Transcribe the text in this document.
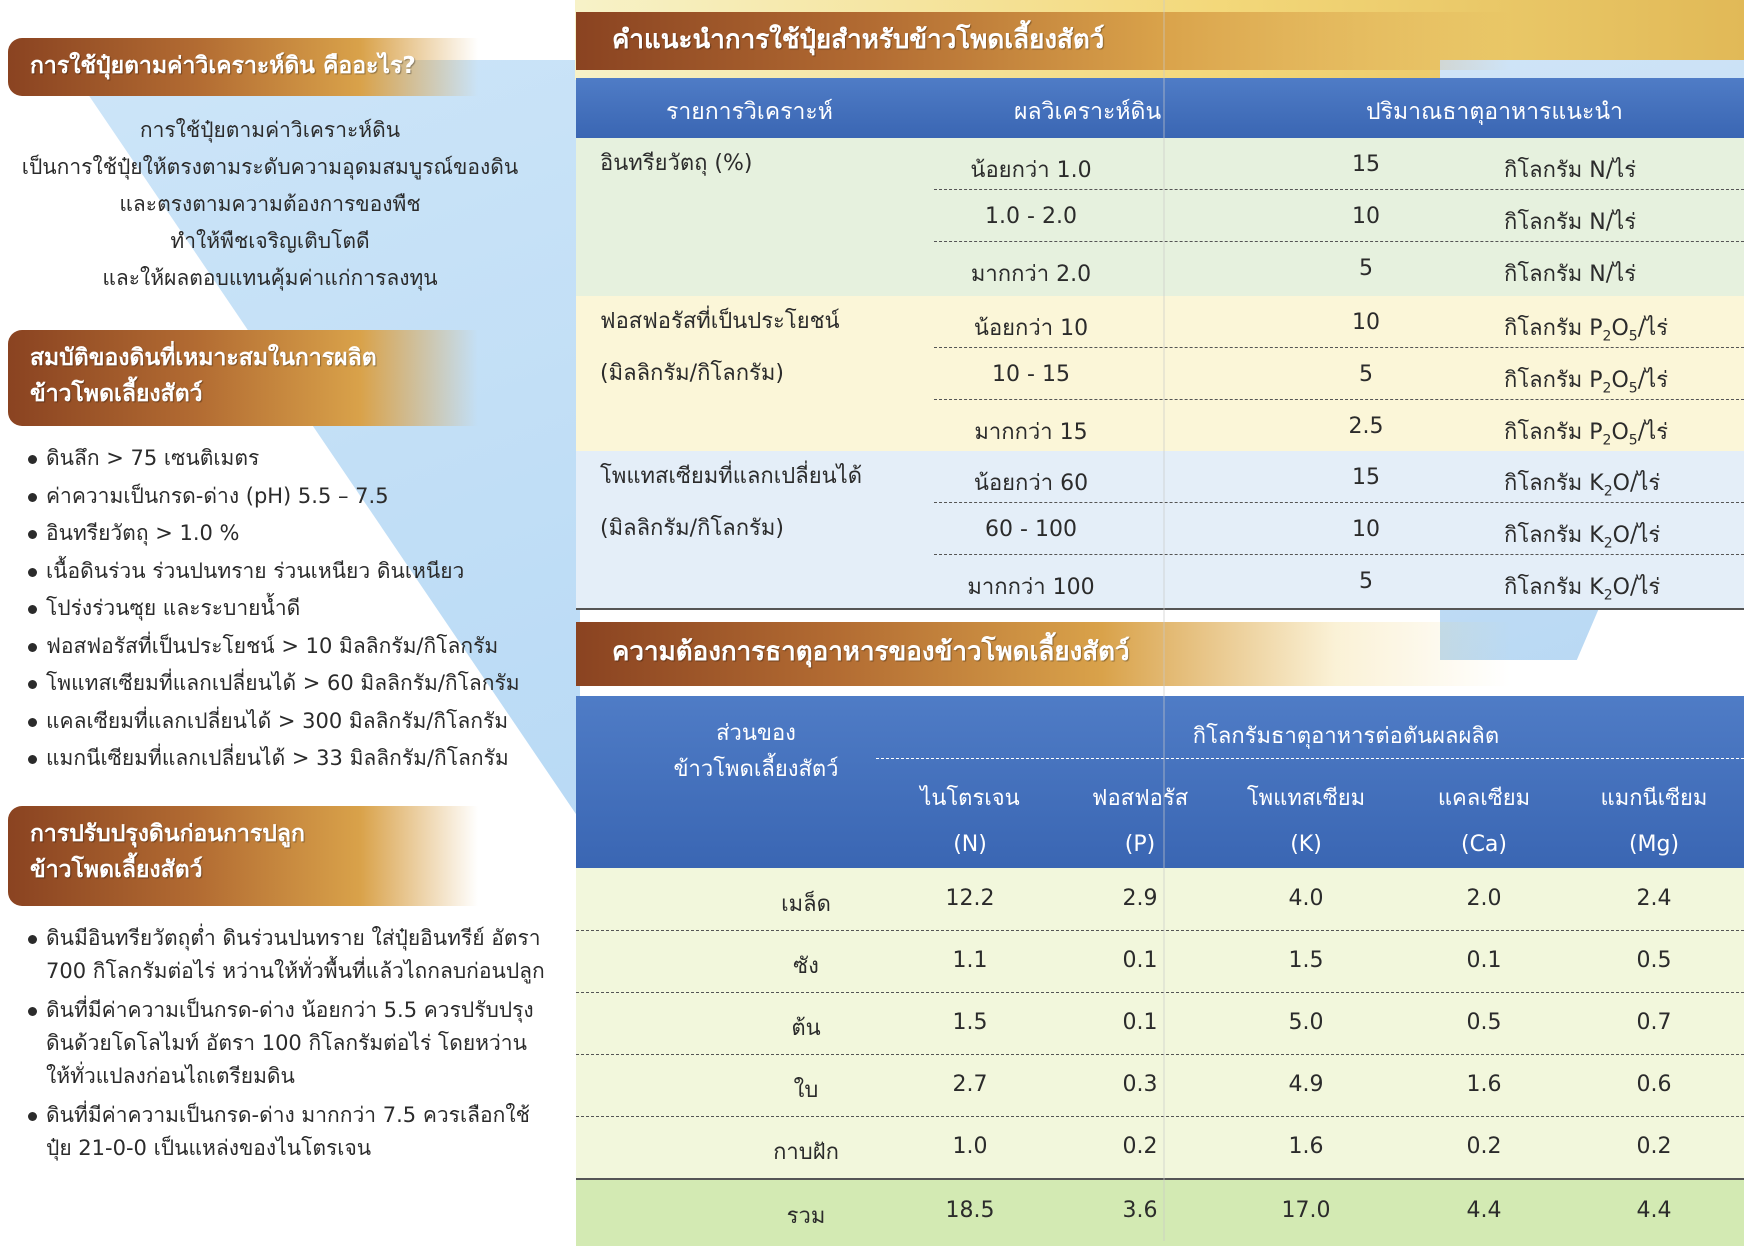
การใช้ปุ๋ยตามค่าวิเคราะห์ดิน คืออะไร?
การใช้ปุ๋ยตามค่าวิเคราะห์ดิน
เป็นการใช้ปุ๋ยให้ตรงตามระดับความอุดมสมบูรณ์ของดิน
และตรงตามความต้องการของพืช
ทำให้พืชเจริญเติบโตดี
และให้ผลตอบแทนคุ้มค่าแก่การลงทุน
สมบัติของดินที่เหมาะสมในการผลิต
ข้าวโพดเลี้ยงสัตว์
ดินลึก > 75 เซนติเมตร
ค่าความเป็นกรด-ด่าง (pH) 5.5 – 7.5
อินทรียวัตถุ > 1.0 %
เนื้อดินร่วน ร่วนปนทราย ร่วนเหนียว ดินเหนียว
โปร่งร่วนซุย และระบายน้ำดี
ฟอสฟอรัสที่เป็นประโยชน์ > 10 มิลลิกรัม/กิโลกรัม
โพแทสเซียมที่แลกเปลี่ยนได้ > 60 มิลลิกรัม/กิโลกรัม
แคลเซียมที่แลกเปลี่ยนได้ > 300 มิลลิกรัม/กิโลกรัม
แมกนีเซียมที่แลกเปลี่ยนได้ > 33 มิลลิกรัม/กิโลกรัม
การปรับปรุงดินก่อนการปลูก
ข้าวโพดเลี้ยงสัตว์
ดินมีอินทรียวัตถุต่ำ ดินร่วนปนทราย ใส่ปุ๋ยอินทรีย์ อัตรา 700 กิโลกรัมต่อไร่ หว่านให้ทั่วพื้นที่แล้วไถกลบก่อนปลูก
ดินที่มีค่าความเป็นกรด-ด่าง น้อยกว่า 5.5 ควรปรับปรุงดินด้วยโดโลไมท์ อัตรา 100 กิโลกรัมต่อไร่ โดยหว่านให้ทั่วแปลงก่อนไถเตรียมดิน
ดินที่มีค่าความเป็นกรด-ด่าง มากกว่า 7.5 ควรเลือกใช้ปุ๋ย 21-0-0 เป็นแหล่งของไนโตรเจน
คำแนะนำการใช้ปุ๋ยสำหรับข้าวโพดเลี้ยงสัตว์
รายการวิเคราะห์	ผลวิเคราะห์ดิน	ปริมาณธาตุอาหารแนะนำ
อินทรียวัตถุ (%)	น้อยกว่า 1.0	15	กิโลกรัม N/ไร่
1.0 - 2.0	10	กิโลกรัม N/ไร่
มากกว่า 2.0	5	กิโลกรัม N/ไร่
ฟอสฟอรัสที่เป็นประโยชน์
(มิลลิกรัม/กิโลกรัม)
น้อยกว่า 10	10	กิโลกรัม $P_2O_5/$ไร่
10 - 15	5	กิโลกรัม $P_2O_5/$ไร่
มากกว่า 15	2.5	กิโลกรัม $P_2O_5/$ไร่
โพแทสเซียมที่แลกเปลี่ยนได้
(มิลลิกรัม/กิโลกรัม)
น้อยกว่า 60	15	กิโลกรัม $K_2O/$ไร่
60 - 100	10	กิโลกรัม $K_2O/$ไร่
มากกว่า 100	5	กิโลกรัม $K_2O/$ไร่
ความต้องการธาตุอาหารของข้าวโพดเลี้ยงสัตว์
ส่วนของ
ข้าวโพดเลี้ยงสัตว์
กิโลกรัมธาตุอาหารต่อตันผลผลิต
ไนโตรเจน
(N)
ฟอสฟอรัส
(P)
โพแทสเซียม
(K)
แคลเซียม
(Ca)
แมกนีเซียม
(Mg)
เมล็ด	12.2	2.9	4.0	2.0	2.4
ซัง	1.1	0.1	1.5	0.1	0.5
ต้น	1.5	0.1	5.0	0.5	0.7
ใบ	2.7	0.3	4.9	1.6	0.6
กาบฝัก	1.0	0.2	1.6	0.2	0.2
รวม	18.5	3.6	17.0	4.4	4.4
